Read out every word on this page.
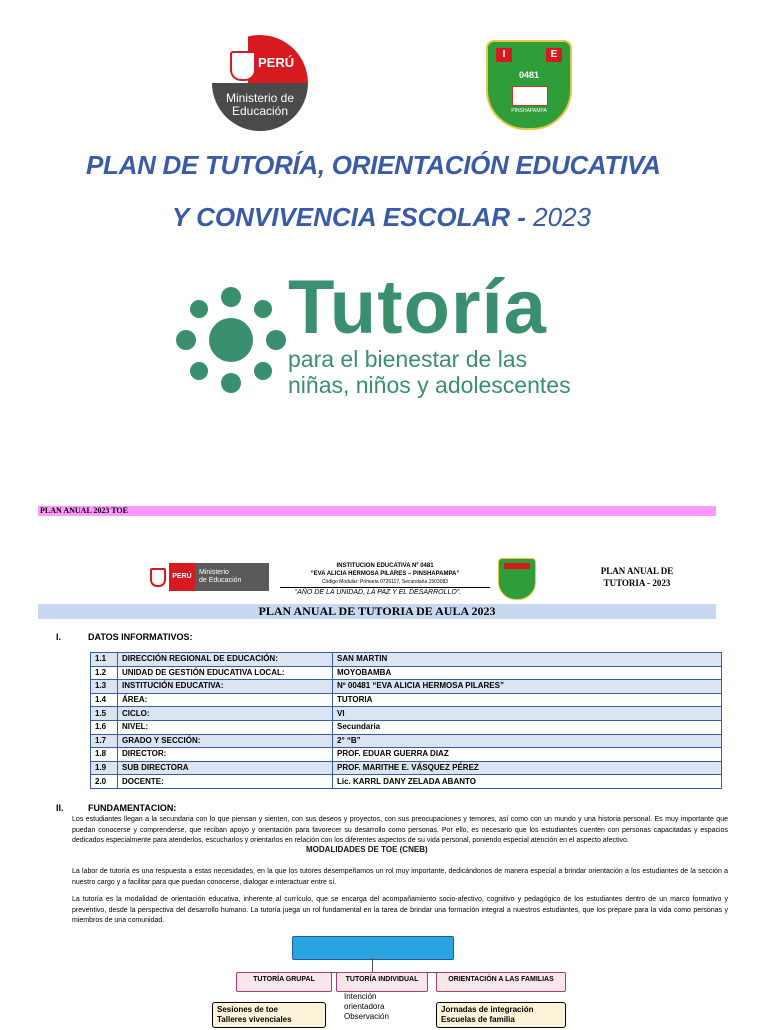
PERÚ
Ministerio de Educación
I	E
0481
PINSHAPAMPA
PLAN DE TUTORÍA, ORIENTACIÓN EDUCATIVA
Y CONVIVENCIA ESCOLAR - 2023
Tutoría
para el bienestar de las
niñas, niños y adolescentes
PLAN ANUAL 2023 TOE
PERÚ
Ministerio
de Educación
INSTITUCION EDUCATIVA Nº 0481
“EVA ALICIA HERMOSA PILARES – PINSHAPAMPA”
Código Modular: Primaria 0726117, Secundaria 1503083
“AÑO DE LA UNIDAD, LA PAZ Y EL DESARROLLO”.
PLAN ANUAL DE
TUTORIA - 2023
PLAN ANUAL DE TUTORIA DE AULA 2023
I.	DATOS INFORMATIVOS:
1.1	DIRECCIÓN REGIONAL DE EDUCACIÓN:	SAN MARTIN
1.2	UNIDAD DE GESTIÓN EDUCATIVA LOCAL:	MOYOBAMBA
1.3	INSTITUCIÓN EDUCATIVA:	Nº 00481 “EVA ALICIA HERMOSA PILARES”
1.4	ÁREA:	TUTORIA
1.5	CICLO:	VI
1.6	NIVEL:	Secundaria
1.7	GRADO Y SECCIÓN:	2° “B”
1.8	DIRECTOR:	PROF. EDUAR GUERRA DIAZ
1.9	SUB DIRECTORA	PROF. MARITHE E. VÁSQUEZ PÉREZ
2.0	DOCENTE:	Lic. KARRL DANY ZELADA ABANTO
II.	FUNDAMENTACION:
Los estudiantes llegan a la secundaria con lo que piensan y sienten, con sus deseos y proyectos, con sus preocupaciones y temores, así como con un mundo y una historia personal. Es muy importante que puedan conocerse y comprenderse, que reciban apoyo y orientación para favorecer su desarrollo como personas. Por ello, es necesario que los estudiantes cuenten con personas capacitadas y espacios dedicados especialmente para atenderlos, escucharlos y orientarlos en relación con los diferentes aspectos de su vida personal, poniendo especial atención en el aspecto afectivo.
MODALIDADES DE TOE (CNEB)
La labor de tutoría es una respuesta a estas necesidades, en la que los tutores desempeñamos un rol muy importante, dedicándonos de manera especial a brindar orientación a los estudiantes de la sección a nuestro cargo y a facilitar para que puedan conocerse, dialogar e interactuar entre sí.
La tutoría es la modalidad de orientación educativa, inherente al currículo, que se encarga del acompañamiento socio-afectivo, cognitivo y pedagógico de los estudiantes dentro de un marco formativo y preventivo, desde la perspectiva del desarrollo humano. La tutoría juega un rol fundamental en la tarea de brindar una formación integral a nuestros estudiantes, que los prepare para la vida como personas y miembros de una comunidad.
TUTORÍA GRUPAL	TUTORÍA INDIVIDUAL	ORIENTACIÓN A LAS FAMILIAS
Sesiones de toe
Talleres vivenciales
Intención
orientadora
Observación
Jornadas de integración
Escuelas de familia
